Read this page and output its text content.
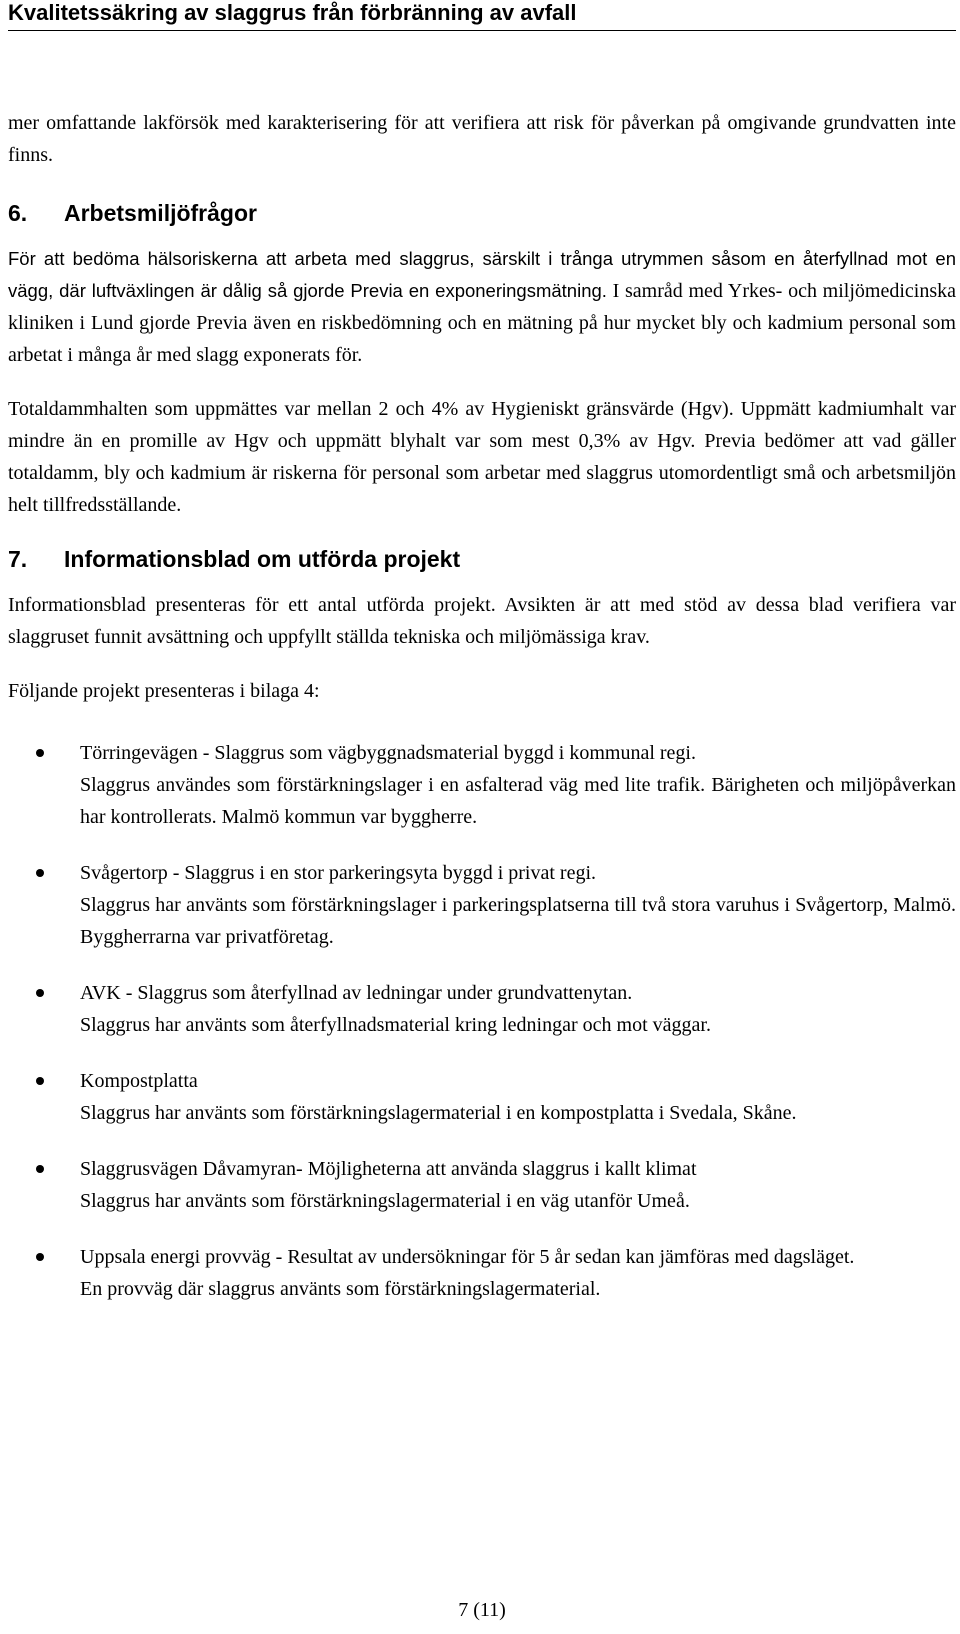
Kvalitetssäkring av slaggrus från förbränning av avfall

mer omfattande lakförsök med karakterisering för att verifiera att risk för påverkan på omgivande grundvatten inte finns.

6.	Arbetsmiljöfrågor

För att bedöma hälsoriskerna att arbeta med slaggrus, särskilt i trånga utrymmen såsom en återfyllnad mot en vägg, där luftväxlingen är dålig så gjorde Previa en exponeringsmätning. I samråd med Yrkes- och miljömedicinska kliniken i Lund gjorde Previa även en riskbedömning och en mätning på hur mycket bly och kadmium personal som arbetat i många år med slagg exponerats för.

Totaldammhalten som uppmättes var mellan 2 och 4% av Hygieniskt gränsvärde (Hgv). Uppmätt kadmiumhalt var mindre än en promille av Hgv och uppmätt blyhalt var som mest 0,3% av Hgv. Previa bedömer att vad gäller totaldamm, bly och kadmium är riskerna för personal som arbetar med slaggrus utomordentligt små och arbetsmiljön helt tillfredsställande.

7.	Informationsblad om utförda projekt

Informationsblad presenteras för ett antal utförda projekt. Avsikten är att med stöd av dessa blad verifiera var slaggruset funnit avsättning och uppfyllt ställda tekniska och miljömässiga krav.

Följande projekt presenteras i bilaga 4:

Törringevägen - Slaggrus som vägbyggnadsmaterial byggd i kommunal regi.

Slaggrus användes som förstärkningslager i en asfalterad väg med lite trafik. Bärigheten och miljöpåverkan har kontrollerats. Malmö kommun var byggherre.

Svågertorp - Slaggrus i en stor parkeringsyta byggd i privat regi.

Slaggrus har använts som förstärkningslager i parkeringsplatserna till två stora varuhus i Svågertorp, Malmö. Byggherrarna var privatföretag.

AVK - Slaggrus som återfyllnad av ledningar under grundvattenytan.

Slaggrus har använts som återfyllnadsmaterial kring ledningar och mot väggar.

Kompostplatta

Slaggrus har använts som förstärkningslagermaterial i en kompostplatta i Svedala, Skåne.

Slaggrusvägen Dåvamyran- Möjligheterna att använda slaggrus i kallt klimat

Slaggrus har använts som förstärkningslagermaterial i en väg utanför Umeå.

Uppsala energi provväg - Resultat av undersökningar för 5 år sedan kan jämföras med dagsläget.

En provväg där slaggrus använts som förstärkningslagermaterial.

7 (11)
